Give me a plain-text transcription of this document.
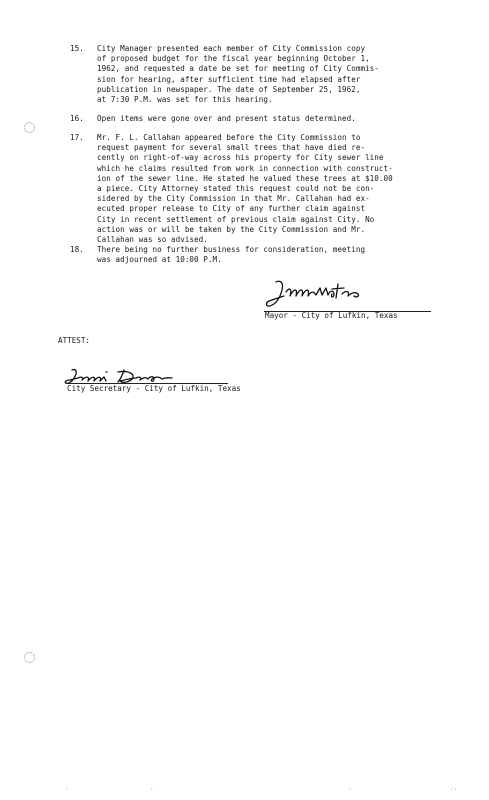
15. City Manager presented each member of City Commission copy
of proposed budget for the fiscal year beginning October 1,
1962, and requested a date be set for meeting of City Commis-
sion for hearing, after sufficient time had elapsed after
publication in newspaper. The date of September 25, 1962,
at 7:30 P.M. was set for this hearing.
16. Open items were gone over and present status determined.
17. Mr. F. L. Callahan appeared before the City Commission to
request payment for several small trees that have died re-
cently on right-of-way across his property for City sewer line
which he claims resulted from work in connection with construct-
ion of the sewer line. He stated he valued these trees at $10.00
a piece. City Attorney stated this request could not be con-
sidered by the City Commission in that Mr. Callahan had ex-
ecuted proper release to City of any further claim against
City in recent settlement of previous claim against City. No
action was or will be taken by the City Commission and Mr.
Callahan was so advised.
18. There being no further business for consideration, meeting
was adjourned at 10:00 P.M.
Mayor - City of Lufkin, Texas
ATTEST:
City Secretary - City of Lufkin, Texas
·	·	·	··
